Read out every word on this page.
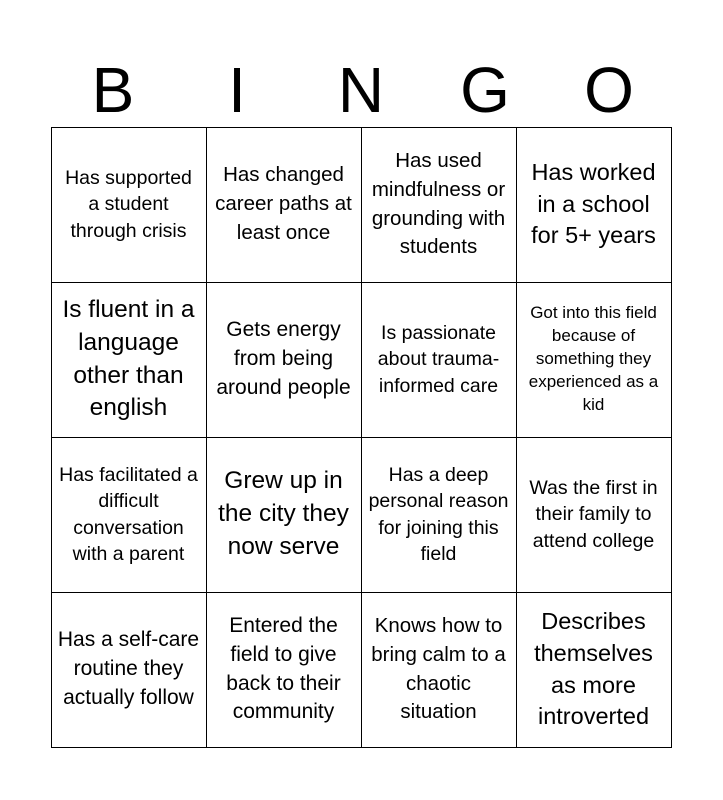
B	I	N	G	O
Has supported a student through crisis
Has changed career paths at least once
Has used mindfulness or grounding with students
Has worked in a school for 5+ years
Is fluent in a language other than english
Gets energy from being around people
Is passionate about trauma-informed care
Got into this field because of something they experienced as a kid
Has facilitated a difficult conversation with a parent
Grew up in the city they now serve
Has a deep personal reason for joining this field
Was the first in their family to attend college
Has a self-care routine they actually follow
Entered the field to give back to their community
Knows how to bring calm to a chaotic situation
Describes themselves as more introverted
